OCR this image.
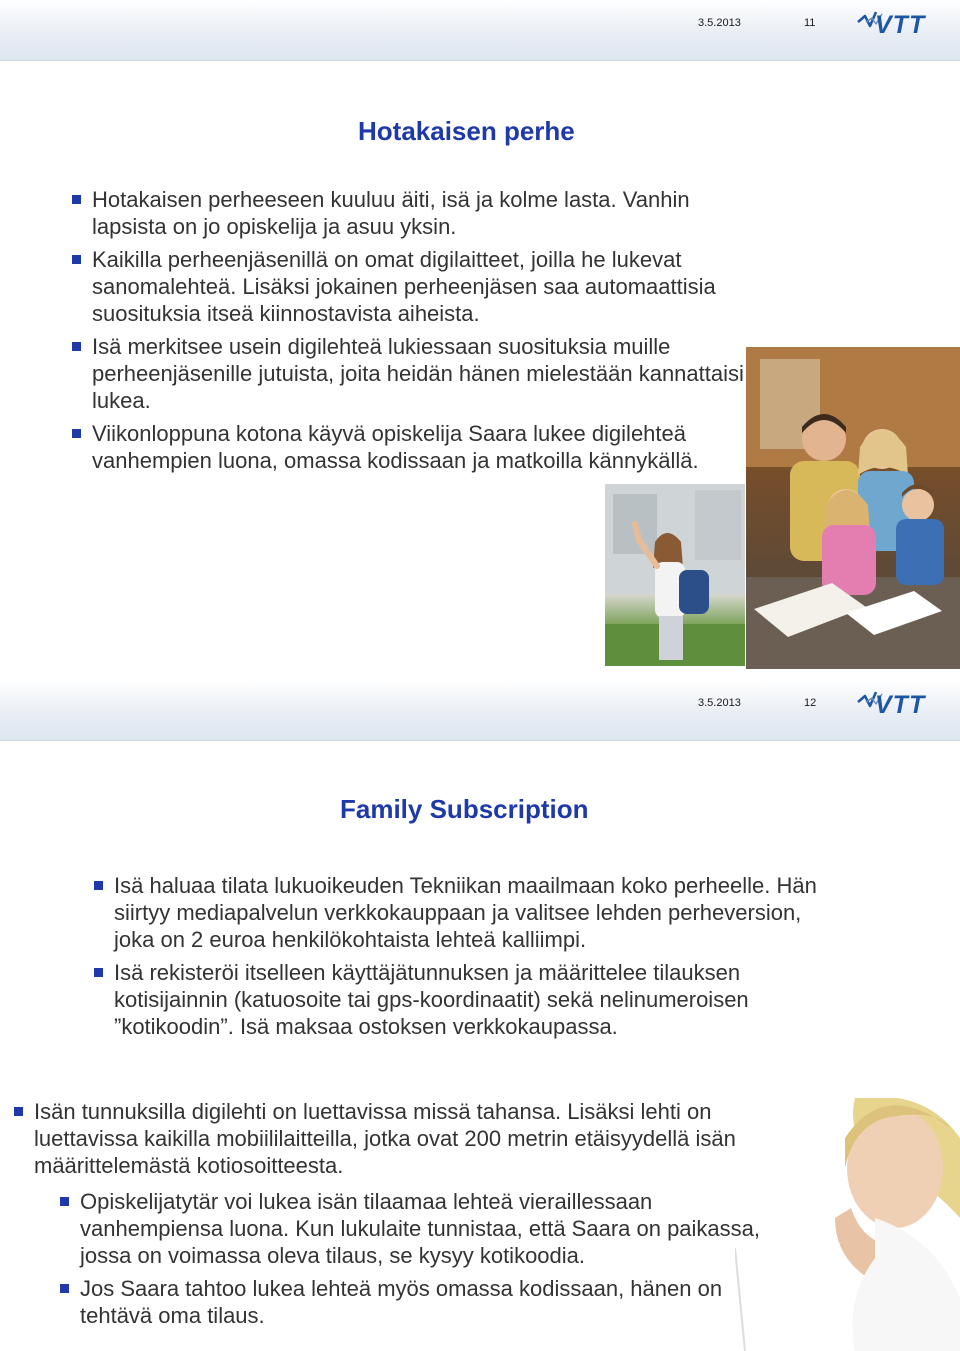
3.5.2013	11 VTT
Hotakaisen perhe
Hotakaisen perheeseen kuuluu äiti, isä ja kolme lasta. Vanhin lapsista on jo opiskelija ja asuu yksin.
Kaikilla perheenjäsenillä on omat digilaitteet, joilla he lukevat sanomalehteä. Lisäksi jokainen perheenjäsen saa automaattisia suosituksia itseä kiinnostavista aiheista.
Isä merkitsee usein digilehteä lukiessaan suosituksia muille perheenjäsenille jutuista, joita heidän hänen mielestään kannattaisi lukea.
Viikonloppuna kotona käyvä opiskelija Saara lukee digilehteä vanhempien luona, omassa kodissaan ja matkoilla kännykällä.
3.5.2013	12 VTT
Family Subscription
Isä haluaa tilata lukuoikeuden Tekniikan maailmaan koko perheelle. Hän siirtyy mediapalvelun verkkokauppaan ja valitsee lehden perheversion, joka on 2 euroa henkilökohtaista lehteä kalliimpi.
Isä rekisteröi itselleen käyttäjätunnuksen ja määrittelee tilauksen kotisijainnin (katuosoite tai gps-koordinaatit) sekä nelinumeroisen ”kotikoodin”. Isä maksaa ostoksen verkkokaupassa.
Isän tunnuksilla digilehti on luettavissa missä tahansa. Lisäksi lehti on luettavissa kaikilla mobiililaitteilla, jotka ovat 200 metrin etäisyydellä isän määrittelemästä kotiosoitteesta.
Opiskelijatytär voi lukea isän tilaamaa lehteä vieraillessaan vanhempiensa luona. Kun lukulaite tunnistaa, että Saara on paikassa, jossa on voimassa oleva tilaus, se kysyy kotikoodia.
Jos Saara tahtoo lukea lehteä myös omassa kodissaan, hänen on tehtävä oma tilaus.
